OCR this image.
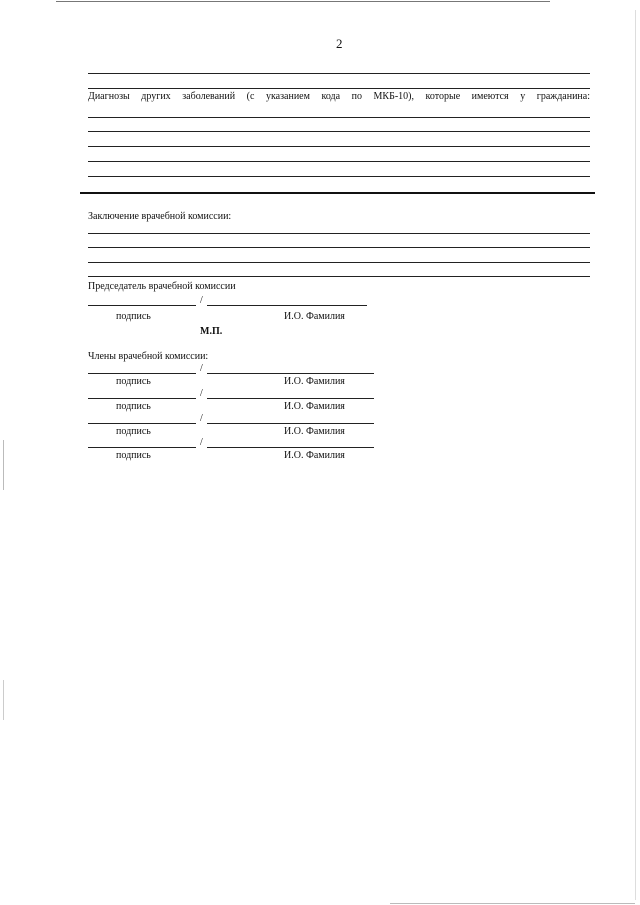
2
Диагнозы других заболеваний (с указанием кода по МКБ-10), которые имеются у гражданина:
Заключение врачебной комиссии:
Председатель врачебной комиссии
/
подпись	И.О. Фамилия
М.П.
Члены врачебной комиссии:
/
подпись	И.О. Фамилия
/
подпись	И.О. Фамилия
/
подпись	И.О. Фамилия
/
подпись	И.О. Фамилия
